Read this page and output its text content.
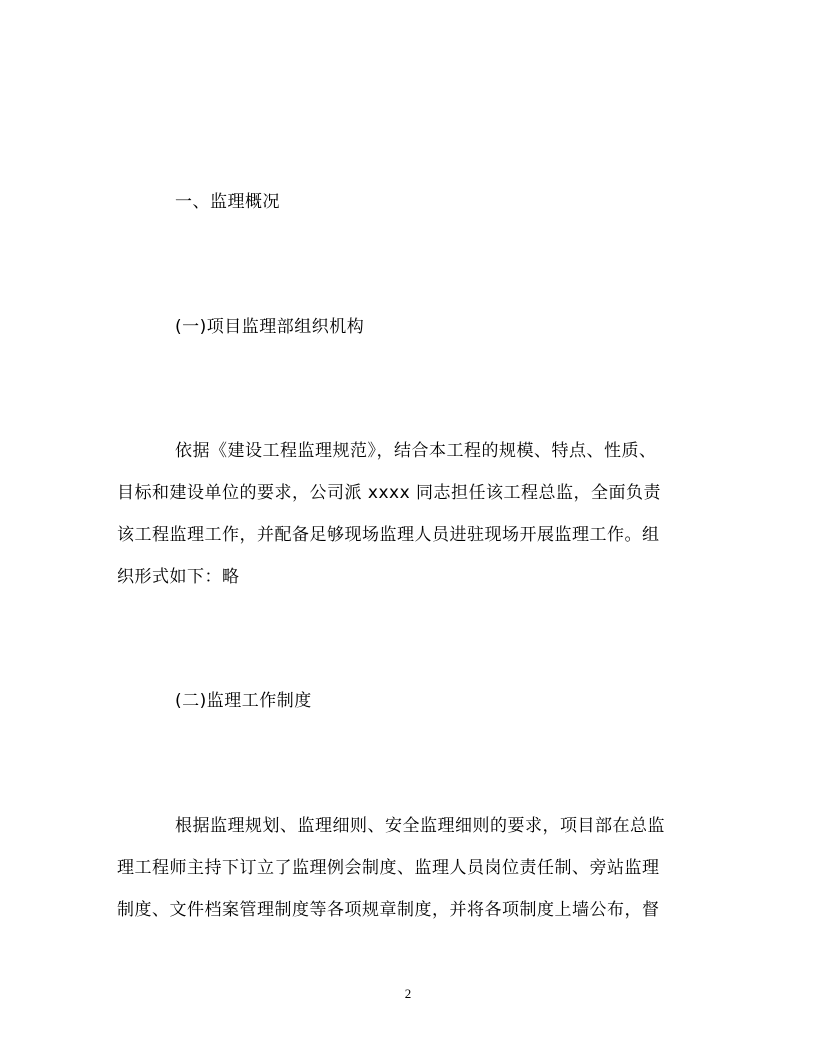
一、监理概况
(一)项目监理部组织机构
依据《建设工程监理规范》，结合本工程的规模、特点、性质、
目标和建设单位的要求，公司派 xxxx 同志担任该工程总监，全面负责
该工程监理工作，并配备足够现场监理人员进驻现场开展监理工作。组
织形式如下：略
(二)监理工作制度
根据监理规划、监理细则、安全监理细则的要求，项目部在总监
理工程师主持下订立了监理例会制度、监理人员岗位责任制、旁站监理
制度、文件档案管理制度等各项规章制度，并将各项制度上墙公布，督
2
